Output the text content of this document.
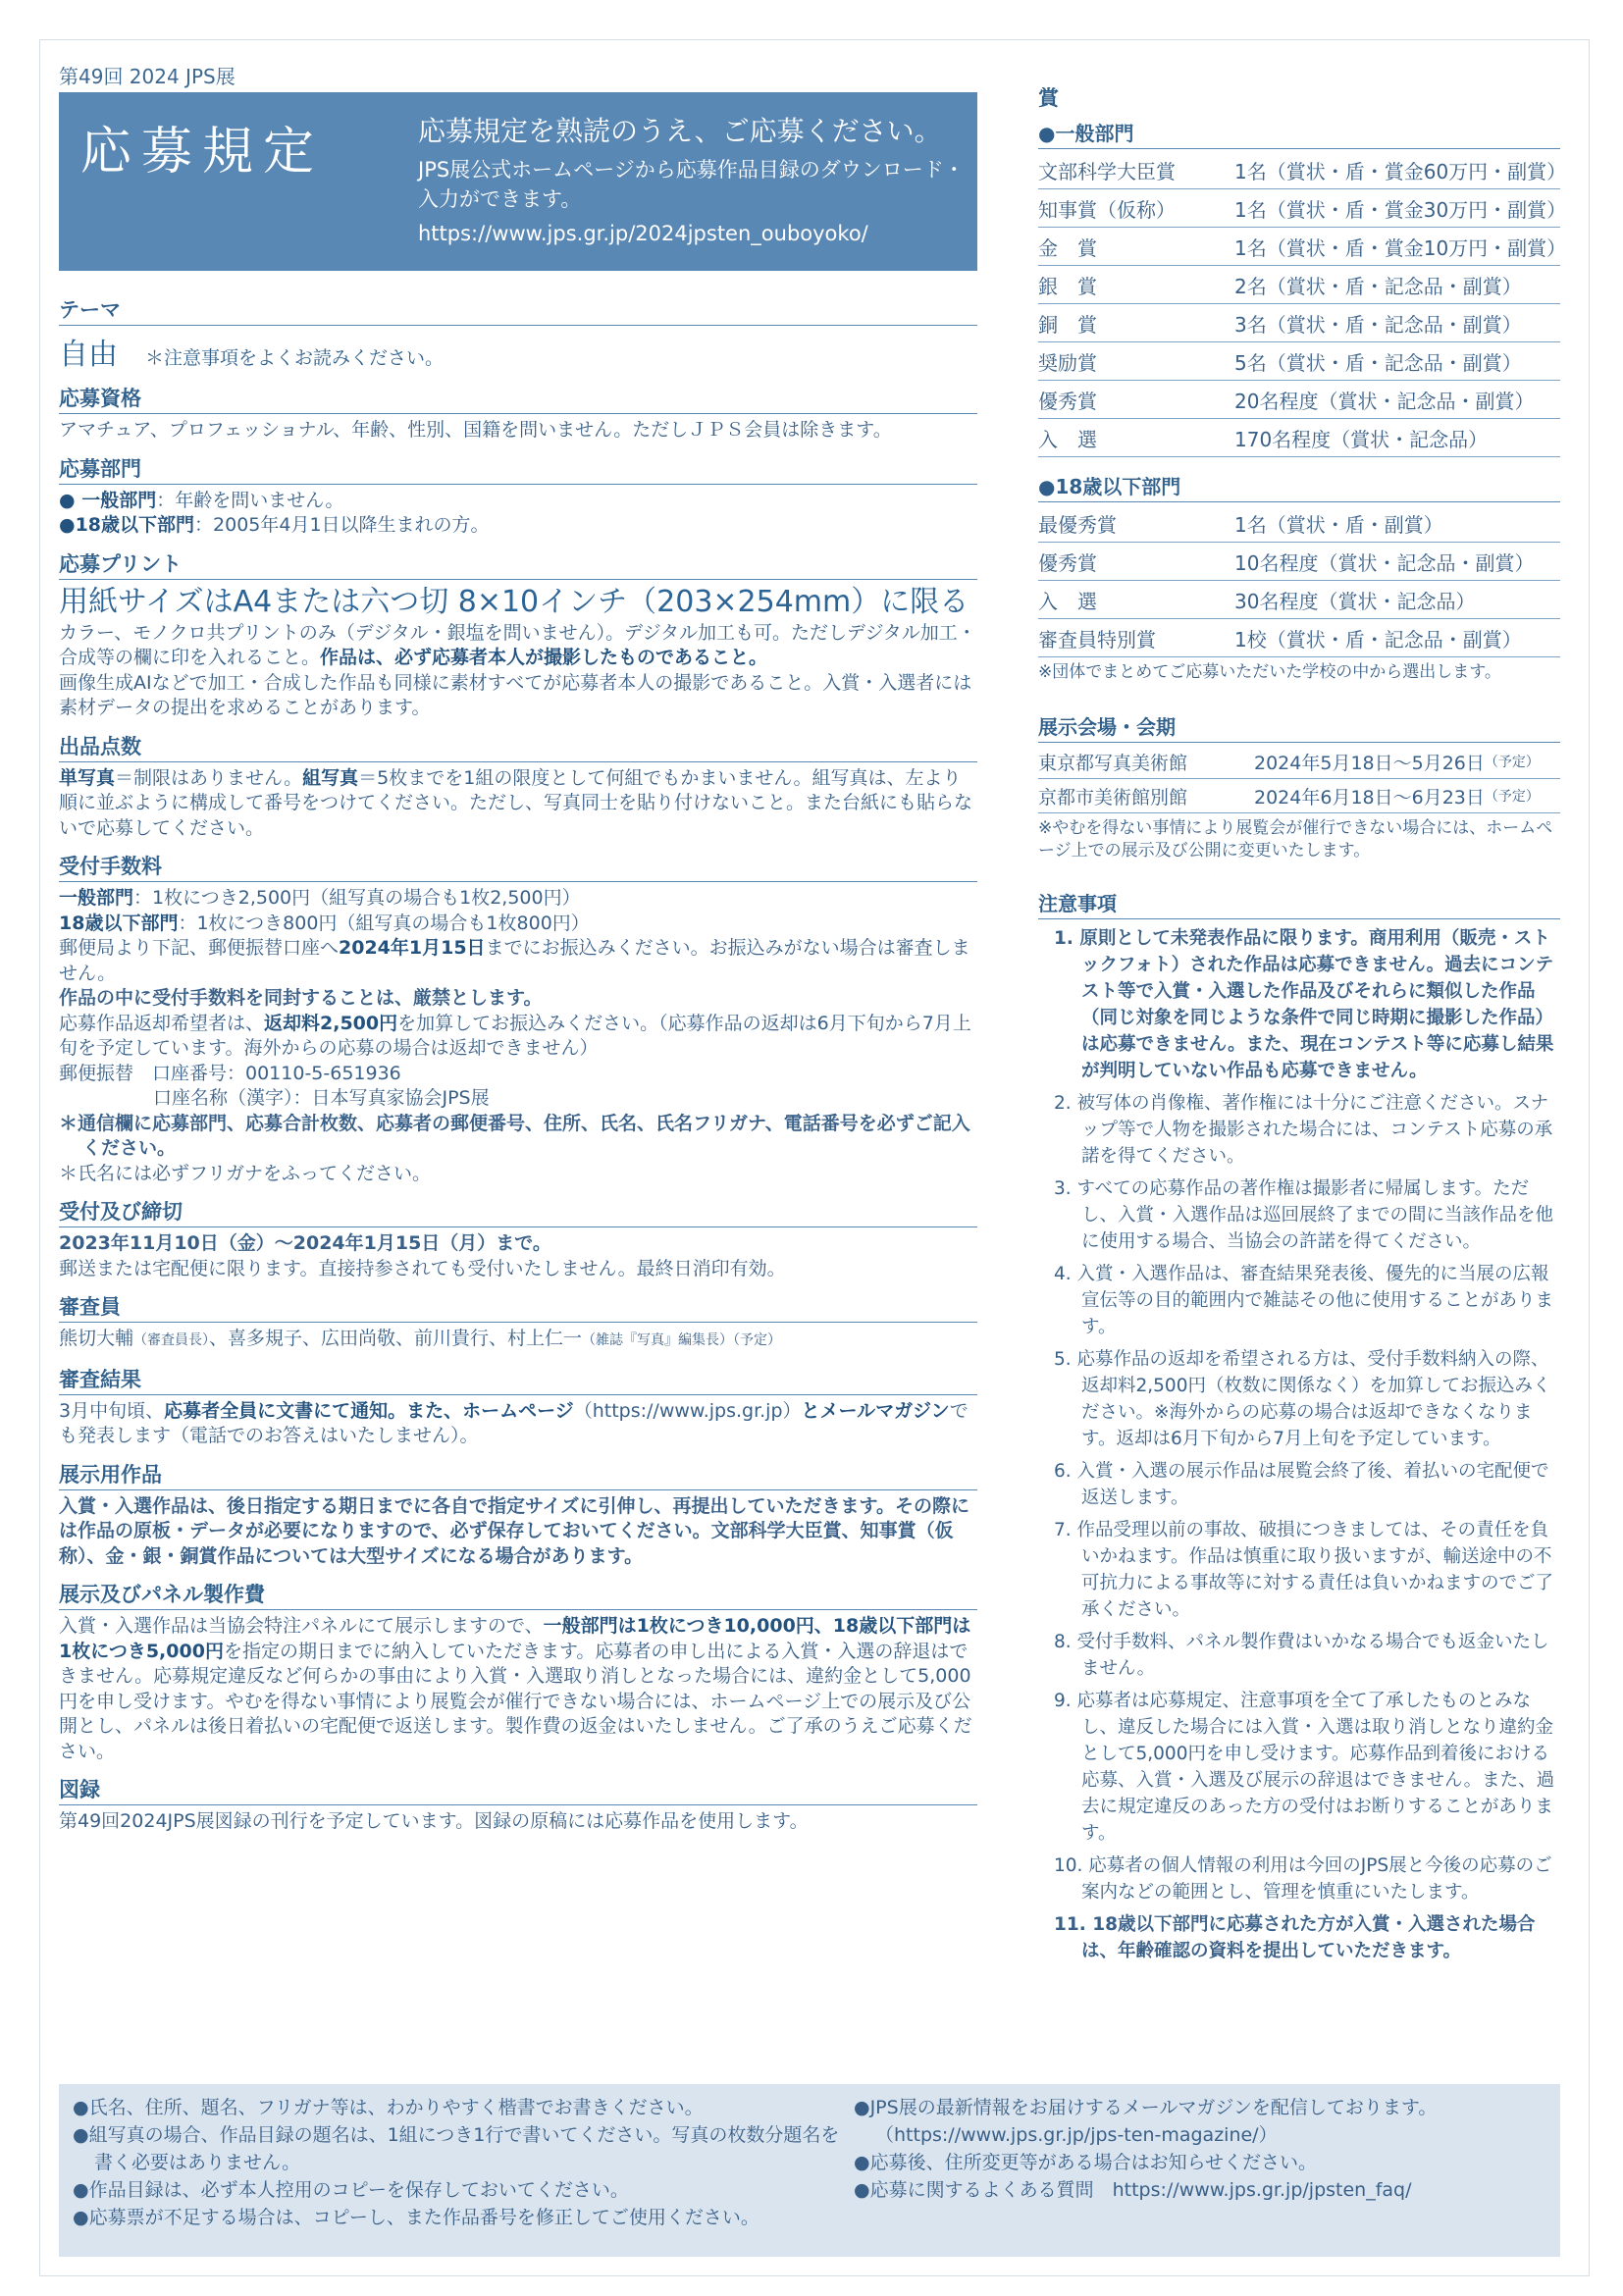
第49回 2024 JPS展
応募規定	応募規定を熟読のうえ、ご応募ください。
JPS展公式ホームページから応募作品目録のダウンロード・入力ができます。
https://www.jps.gr.jp/2024jpsten_ouboyoko/
テーマ
自由 ＊注意事項をよくお読みください。
応募資格

アマチュア、プロフェッショナル、年齢、性別、国籍を問いません。ただしＪＰＳ会員は除きます。

応募部門

● 一般部門：年齢を問いません。

●18歳以下部門：2005年4月1日以降生まれの方。

応募プリント

用紙サイズはA4または六つ切 8×10インチ（203×254mm）に限る

カラー、モノクロ共プリントのみ（デジタル・銀塩を問いません）。デジタル加工も可。ただしデジタル加工・合成等の欄に印を入れること。作品は、必ず応募者本人が撮影したものであること。

画像生成AIなどで加工・合成した作品も同様に素材すべてが応募者本人の撮影であること。入賞・入選者には素材データの提出を求めることがあります。

出品点数

単写真＝制限はありません。組写真＝5枚までを1組の限度として何組でもかまいません。組写真は、左より順に並ぶように構成して番号をつけてください。ただし、写真同士を貼り付けないこと。また台紙にも貼らないで応募してください。

受付手数料

一般部門：1枚につき2,500円（組写真の場合も1枚2,500円）

18歳以下部門：1枚につき800円（組写真の場合も1枚800円）

郵便局より下記、郵便振替口座へ2024年1月15日までにお振込みください。お振込みがない場合は審査しません。

作品の中に受付手数料を同封することは、厳禁とします。

応募作品返却希望者は、返却料2,500円を加算してお振込みください。（応募作品の返却は6月下旬から7月上旬を予定しています。海外からの応募の場合は返却できません）

郵便振替　口座番号：00110-5-651936

口座名称（漢字）：日本写真家協会JPS展

＊通信欄に応募部門、応募合計枚数、応募者の郵便番号、住所、氏名、氏名フリガナ、電話番号を必ずご記入ください。

＊氏名には必ずフリガナをふってください。

受付及び締切

2023年11月10日（金）〜2024年1月15日（月）まで。

郵送または宅配便に限ります。直接持参されても受付いたしません。最終日消印有効。

審査員

熊切大輔（審査員長）、喜多規子、広田尚敬、前川貴行、村上仁一（雑誌『写真』編集長）（予定）

審査結果

3月中旬頃、応募者全員に文書にて通知。また、ホームページ（https://www.jps.gr.jp）とメールマガジンでも発表します（電話でのお答えはいたしません）。

展示用作品

入賞・入選作品は、後日指定する期日までに各自で指定サイズに引伸し、再提出していただきます。その際には作品の原板・データが必要になりますので、必ず保存しておいてください。文部科学大臣賞、知事賞（仮称）、金・銀・銅賞作品については大型サイズになる場合があります。

展示及びパネル製作費

入賞・入選作品は当協会特注パネルにて展示しますので、一般部門は1枚につき10,000円、18歳以下部門は1枚につき5,000円を指定の期日までに納入していただきます。応募者の申し出による入賞・入選の辞退はできません。応募規定違反など何らかの事由により入賞・入選取り消しとなった場合には、違約金として5,000円を申し受けます。やむを得ない事情により展覧会が催行できない場合には、ホームページ上での展示及び公開とし、パネルは後日着払いの宅配便で返送します。製作費の返金はいたしません。ご了承のうえご応募ください。

図録

第49回2024JPS展図録の刊行を予定しています。図録の原稿には応募作品を使用します。

賞
●一般部門
文部科学大臣賞	1名（賞状・盾・賞金60万円・副賞）
知事賞（仮称）	1名（賞状・盾・賞金30万円・副賞）
金　賞	1名（賞状・盾・賞金10万円・副賞）
銀　賞	2名（賞状・盾・記念品・副賞）
銅　賞	3名（賞状・盾・記念品・副賞）
奨励賞	5名（賞状・盾・記念品・副賞）
優秀賞	20名程度（賞状・記念品・副賞）
入　選	170名程度（賞状・記念品）
●18歳以下部門
最優秀賞	1名（賞状・盾・副賞）
優秀賞	10名程度（賞状・記念品・副賞）
入　選	30名程度（賞状・記念品）
審査員特別賞	1校（賞状・盾・記念品・副賞）

※団体でまとめてご応募いただいた学校の中から選出します。

展示会場・会期
東京都写真美術館	2024年5月18日〜5月26日 （予定）
京都市美術館別館	2024年6月18日〜6月23日 （予定）

※やむを得ない事情により展覧会が催行できない場合には、ホームページ上での展示及び公開に変更いたします。

注意事項
1. 原則として未発表作品に限ります。商用利用（販売・ストックフォト）された作品は応募できません。過去にコンテスト等で入賞・入選した作品及びそれらに類似した作品（同じ対象を同じような条件で同じ時期に撮影した作品）は応募できません。また、現在コンテスト等に応募し結果が判明していない作品も応募できません。
2. 被写体の肖像権、著作権には十分にご注意ください。スナップ等で人物を撮影された場合には、コンテスト応募の承諾を得てください。
3. すべての応募作品の著作権は撮影者に帰属します。ただし、入賞・入選作品は巡回展終了までの間に当該作品を他に使用する場合、当協会の許諾を得てください。
4. 入賞・入選作品は、審査結果発表後、優先的に当展の広報宣伝等の目的範囲内で雑誌その他に使用することがあります。
5. 応募作品の返却を希望される方は、受付手数料納入の際、返却料2,500円（枚数に関係なく）を加算してお振込みください。※海外からの応募の場合は返却できなくなります。返却は6月下旬から7月上旬を予定しています。
6. 入賞・入選の展示作品は展覧会終了後、着払いの宅配便で返送します。
7. 作品受理以前の事故、破損につきましては、その責任を負いかねます。作品は慎重に取り扱いますが、輸送途中の不可抗力による事故等に対する責任は負いかねますのでご了承ください。
8. 受付手数料、パネル製作費はいかなる場合でも返金いたしません。
9. 応募者は応募規定、注意事項を全て了承したものとみなし、違反した場合には入賞・入選は取り消しとなり違約金として5,000円を申し受けます。応募作品到着後における応募、入賞・入選及び展示の辞退はできません。また、過去に規定違反のあった方の受付はお断りすることがあります。
10. 応募者の個人情報の利用は今回のJPS展と今後の応募のご案内などの範囲とし、管理を慎重にいたします。
11. 18歳以下部門に応募された方が入賞・入選された場合は、年齢確認の資料を提出していただきます。
●氏名、住所、題名、フリガナ等は、わかりやすく楷書でお書きください。
●組写真の場合、作品目録の題名は、1組につき1行で書いてください。写真の枚数分題名を書く必要はありません。
●作品目録は、必ず本人控用のコピーを保存しておいてください。
●応募票が不足する場合は、コピーし、また作品番号を修正してご使用ください。
●JPS展の最新情報をお届けするメールマガジンを配信しております。（https://www.jps.gr.jp/jps-ten-magazine/）
●応募後、住所変更等がある場合はお知らせください。
●応募に関するよくある質問　https://www.jps.gr.jp/jpsten_faq/
